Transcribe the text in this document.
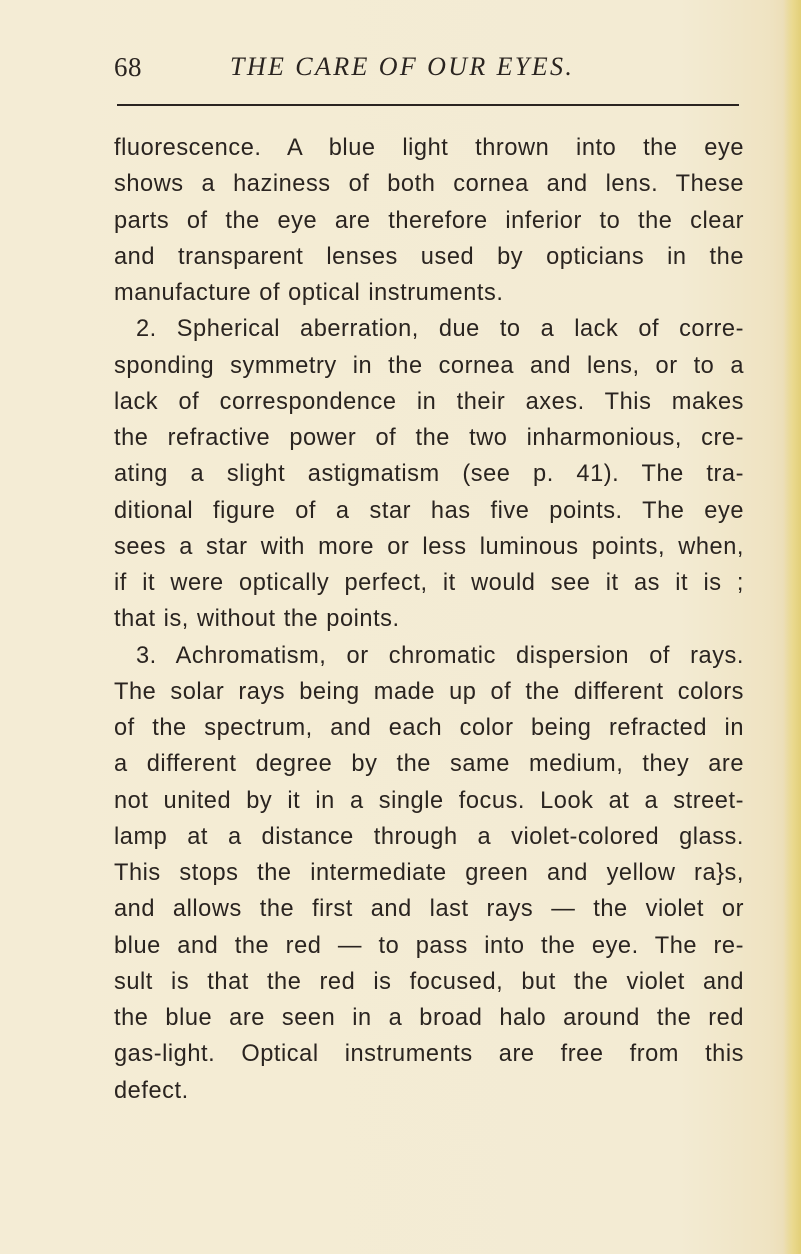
68	THE CARE OF OUR EYES.
fluorescence. A blue light thrown into the eye
shows a haziness of both cornea and lens. These
parts of the eye are therefore inferior to the clear
and transparent lenses used by opticians in the
manufacture of optical instruments.
2. Spherical aberration, due to a lack of corre-
sponding symmetry in the cornea and lens, or to a
lack of correspondence in their axes. This makes
the refractive power of the two inharmonious, cre-
ating a slight astigmatism (see p. 41). The tra-
ditional figure of a star has five points. The eye
sees a star with more or less luminous points, when,
if it were optically perfect, it would see it as it is ;
that is, without the points.
3. Achromatism, or chromatic dispersion of rays.
The solar rays being made up of the different colors
of the spectrum, and each color being refracted in
a different degree by the same medium, they are
not united by it in a single focus. Look at a street-
lamp at a distance through a violet-colored glass.
This stops the intermediate green and yellow ra}s,
and allows the first and last rays — the violet or
blue and the red — to pass into the eye. The re-
sult is that the red is focused, but the violet and
the blue are seen in a broad halo around the red
gas-light. Optical instruments are free from this
defect.
